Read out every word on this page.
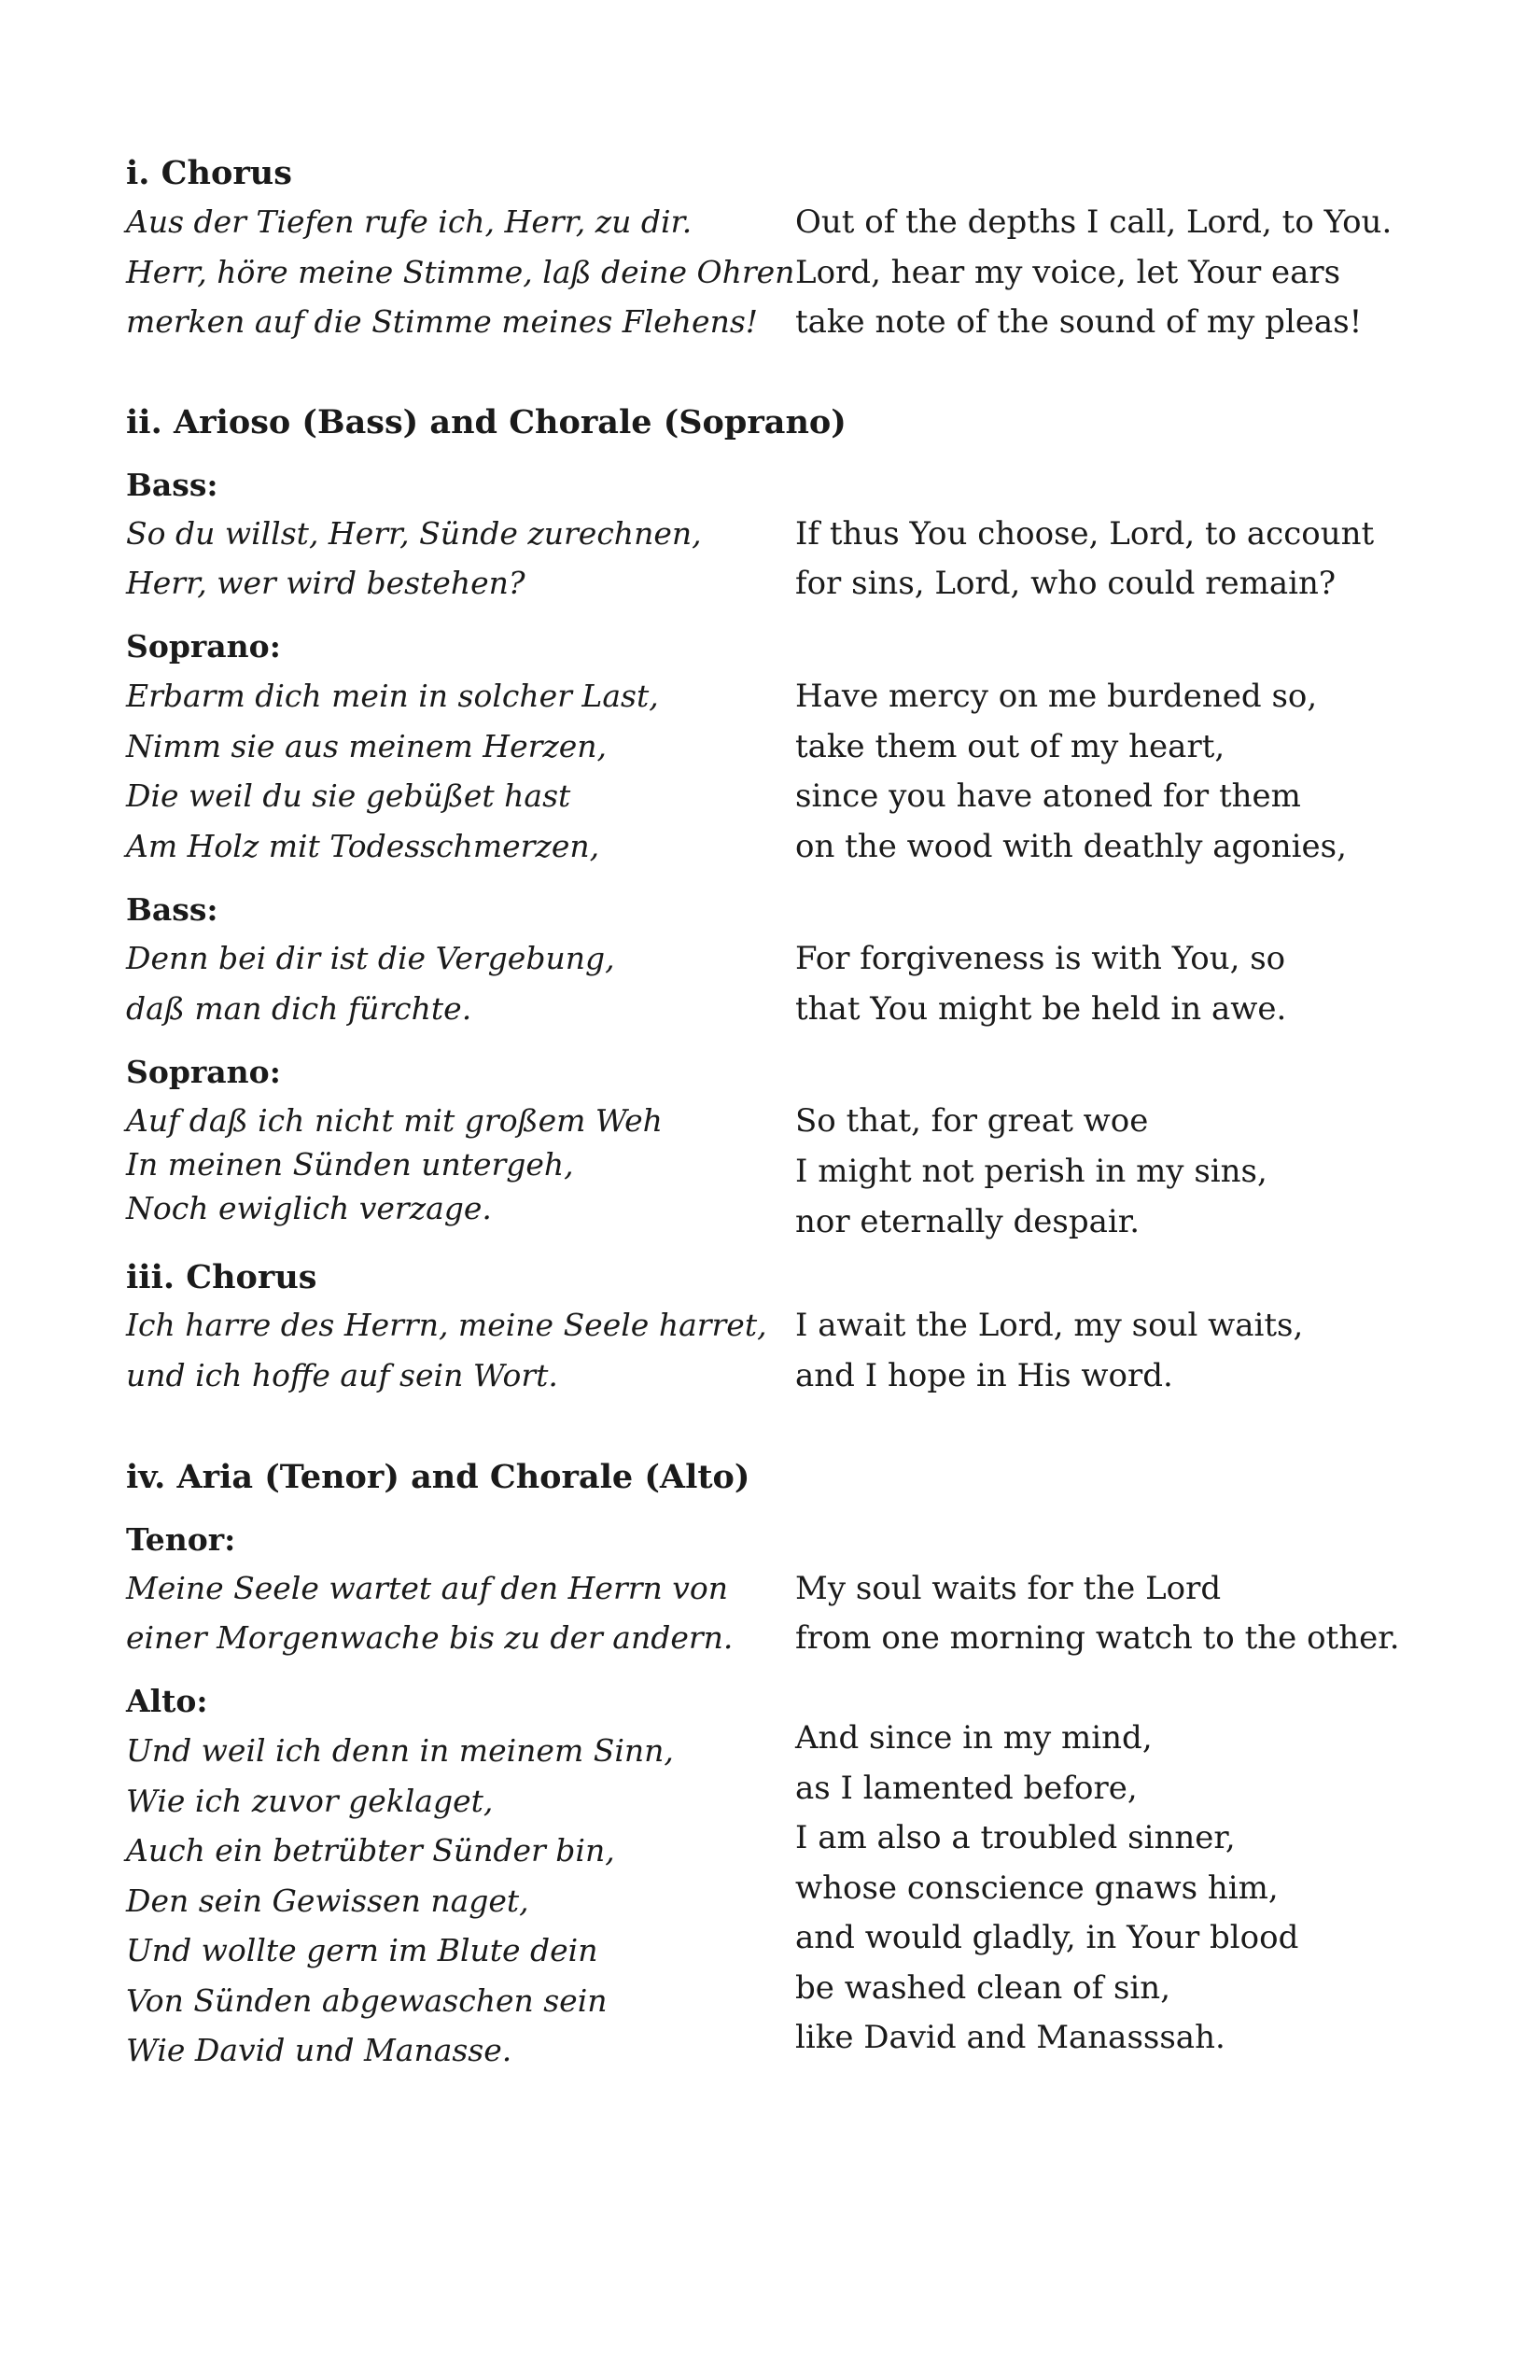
i. Chorus
Aus der Tiefen rufe ich, Herr, zu dir.
Herr, höre meine Stimme, laß deine Ohren
merken auf die Stimme meines Flehens!
Out of the depths I call, Lord, to You.
Lord, hear my voice, let Your ears
take note of the sound of my pleas!
ii. Arioso (Bass) and Chorale (Soprano)
Bass:
So du willst, Herr, Sünde zurechnen,
Herr, wer wird bestehen?
If thus You choose, Lord, to account
for sins, Lord, who could remain?
Soprano:
Erbarm dich mein in solcher Last,
Nimm sie aus meinem Herzen,
Die weil du sie gebüßet hast
Am Holz mit Todesschmerzen,
Have mercy on me burdened so,
take them out of my heart,
since you have atoned for them
on the wood with deathly agonies,
Bass:
Denn bei dir ist die Vergebung,
daß man dich fürchte.
For forgiveness is with You, so
that You might be held in awe.
Soprano:
Auf daß ich nicht mit großem Weh
In meinen Sünden untergeh,
Noch ewiglich verzage.
So that, for great woe
I might not perish in my sins,
nor eternally despair.
iii. Chorus
Ich harre des Herrn, meine Seele harret,
und ich hoffe auf sein Wort.
I await the Lord, my soul waits,
and I hope in His word.
iv. Aria (Tenor) and Chorale (Alto)
Tenor:
Meine Seele wartet auf den Herrn von
einer Morgenwache bis zu der andern.
My soul waits for the Lord
from one morning watch to the other.
Alto:
Und weil ich denn in meinem Sinn,
Wie ich zuvor geklaget,
Auch ein betrübter Sünder bin,
Den sein Gewissen naget,
Und wollte gern im Blute dein
Von Sünden abgewaschen sein
Wie David und Manasse.
And since in my mind,
as I lamented before,
I am also a troubled sinner,
whose conscience gnaws him,
and would gladly, in Your blood
be washed clean of sin,
like David and Manasssah.
